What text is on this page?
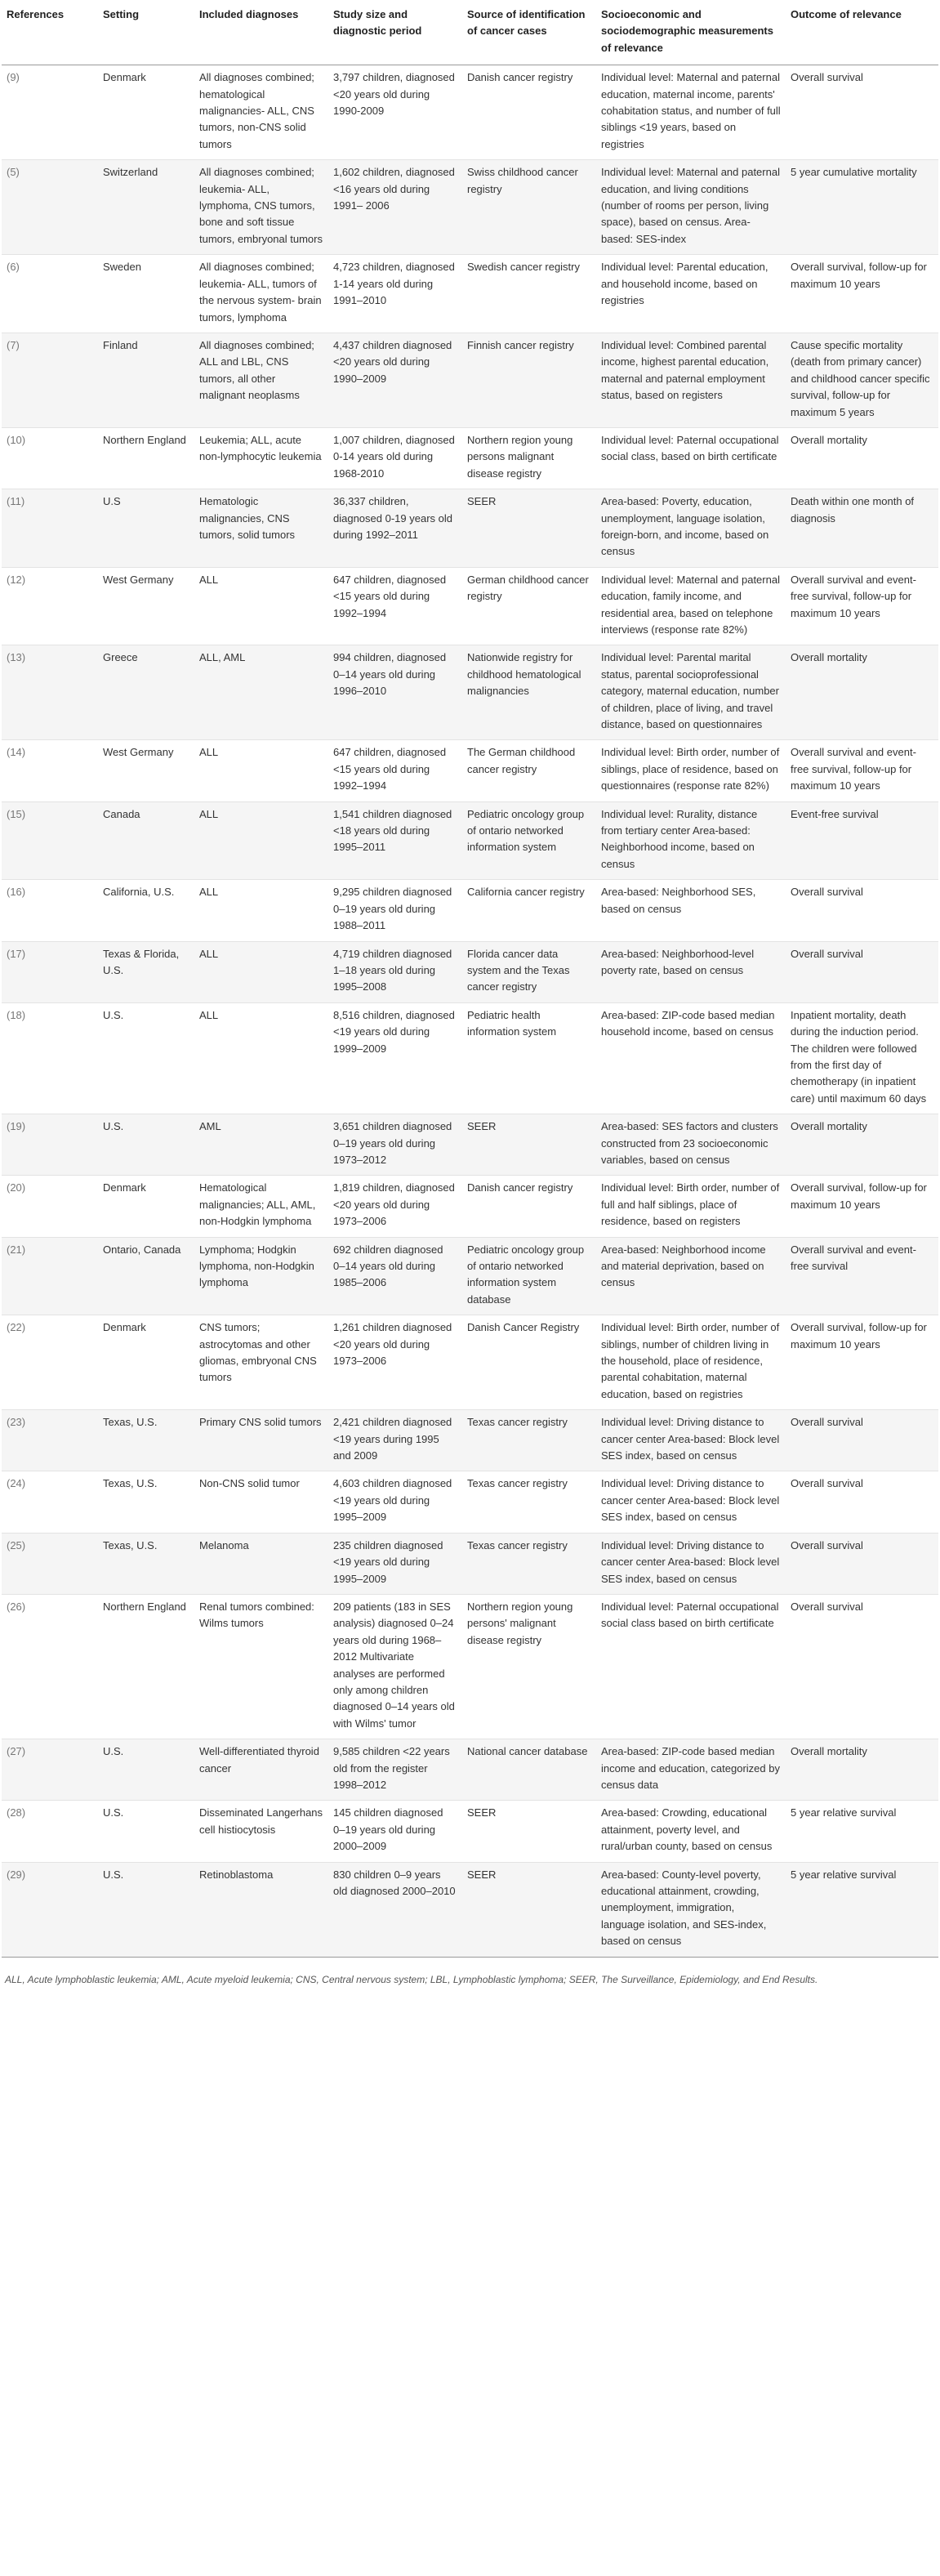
References	Setting	Included diagnoses	Study size and diagnostic period	Source of identification of cancer cases	Socioeconomic and sociodemographic measurements of relevance	Outcome of relevance
(9)	Denmark	All diagnoses combined; hematological malignancies- ALL, CNS tumors, non-CNS solid tumors	3,797 children, diagnosed <20 years old during 1990-2009	Danish cancer registry	Individual level: Maternal and paternal education, maternal income, parents' cohabitation status, and number of full siblings <19 years, based on registries	Overall survival
(5)	Switzerland	All diagnoses combined; leukemia- ALL, lymphoma, CNS tumors, bone and soft tissue tumors, embryonal tumors	1,602 children, diagnosed <16 years old during 1991– 2006	Swiss childhood cancer registry	Individual level: Maternal and paternal education, and living conditions (number of rooms per person, living space), based on census. Area-based: SES-index	5 year cumulative mortality
(6)	Sweden	All diagnoses combined; leukemia- ALL, tumors of the nervous system- brain tumors, lymphoma	4,723 children, diagnosed 1-14 years old during 1991–2010	Swedish cancer registry	Individual level: Parental education, and household income, based on registries	Overall survival, follow-up for maximum 10 years
(7)	Finland	All diagnoses combined; ALL and LBL, CNS tumors, all other malignant neoplasms	4,437 children diagnosed <20 years old during 1990–2009	Finnish cancer registry	Individual level: Combined parental income, highest parental education, maternal and paternal employment status, based on registers	Cause specific mortality (death from primary cancer) and childhood cancer specific survival, follow-up for maximum 5 years
(10)	Northern England	Leukemia; ALL, acute non-lymphocytic leukemia	1,007 children, diagnosed 0-14 years old during 1968-2010	Northern region young persons malignant disease registry	Individual level: Paternal occupational social class, based on birth certificate	Overall mortality
(11)	U.S	Hematologic malignancies, CNS tumors, solid tumors	36,337 children, diagnosed 0-19 years old during 1992–2011	SEER	Area-based: Poverty, education, unemployment, language isolation, foreign-born, and income, based on census	Death within one month of diagnosis
(12)	West Germany	ALL	647 children, diagnosed <15 years old during 1992–1994	German childhood cancer registry	Individual level: Maternal and paternal education, family income, and residential area, based on telephone interviews (response rate 82%)	Overall survival and event-free survival, follow-up for maximum 10 years
(13)	Greece	ALL, AML	994 children, diagnosed 0–14 years old during 1996–2010	Nationwide registry for childhood hematological malignancies	Individual level: Parental marital status, parental socioprofessional category, maternal education, number of children, place of living, and travel distance, based on questionnaires	Overall mortality
(14)	West Germany	ALL	647 children, diagnosed <15 years old during 1992–1994	The German childhood cancer registry	Individual level: Birth order, number of siblings, place of residence, based on questionnaires (response rate 82%)	Overall survival and event-free survival, follow-up for maximum 10 years
(15)	Canada	ALL	1,541 children diagnosed <18 years old during 1995–2011	Pediatric oncology group of ontario networked information system	Individual level: Rurality, distance from tertiary center Area-based: Neighborhood income, based on census	Event-free survival
(16)	California, U.S.	ALL	9,295 children diagnosed 0–19 years old during 1988–2011	California cancer registry	Area-based: Neighborhood SES, based on census	Overall survival
(17)	Texas & Florida, U.S.	ALL	4,719 children diagnosed 1–18 years old during 1995–2008	Florida cancer data system and the Texas cancer registry	Area-based: Neighborhood-level poverty rate, based on census	Overall survival
(18)	U.S.	ALL	8,516 children, diagnosed <19 years old during 1999–2009	Pediatric health information system	Area-based: ZIP-code based median household income, based on census	Inpatient mortality, death during the induction period. The children were followed from the first day of chemotherapy (in inpatient care) until maximum 60 days
(19)	U.S.	AML	3,651 children diagnosed 0–19 years old during 1973–2012	SEER	Area-based: SES factors and clusters constructed from 23 socioeconomic variables, based on census	Overall mortality
(20)	Denmark	Hematological malignancies; ALL, AML, non-Hodgkin lymphoma	1,819 children, diagnosed <20 years old during 1973–2006	Danish cancer registry	Individual level: Birth order, number of full and half siblings, place of residence, based on registers	Overall survival, follow-up for maximum 10 years
(21)	Ontario, Canada	Lymphoma; Hodgkin lymphoma, non-Hodgkin lymphoma	692 children diagnosed 0–14 years old during 1985–2006	Pediatric oncology group of ontario networked information system database	Area-based: Neighborhood income and material deprivation, based on census	Overall survival and event-free survival
(22)	Denmark	CNS tumors; astrocytomas and other gliomas, embryonal CNS tumors	1,261 children diagnosed <20 years old during 1973–2006	Danish Cancer Registry	Individual level: Birth order, number of siblings, number of children living in the household, place of residence, parental cohabitation, maternal education, based on registries	Overall survival, follow-up for maximum 10 years
(23)	Texas, U.S.	Primary CNS solid tumors	2,421 children diagnosed <19 years during 1995 and 2009	Texas cancer registry	Individual level: Driving distance to cancer center Area-based: Block level SES index, based on census	Overall survival
(24)	Texas, U.S.	Non-CNS solid tumor	4,603 children diagnosed <19 years old during 1995–2009	Texas cancer registry	Individual level: Driving distance to cancer center Area-based: Block level SES index, based on census	Overall survival
(25)	Texas, U.S.	Melanoma	235 children diagnosed <19 years old during 1995–2009	Texas cancer registry	Individual level: Driving distance to cancer center Area-based: Block level SES index, based on census	Overall survival
(26)	Northern England	Renal tumors combined: Wilms tumors	209 patients (183 in SES analysis) diagnosed 0–24 years old during 1968–2012 Multivariate analyses are performed only among children diagnosed 0–14 years old with Wilms' tumor	Northern region young persons' malignant disease registry	Individual level: Paternal occupational social class based on birth certificate	Overall survival
(27)	U.S.	Well-differentiated thyroid cancer	9,585 children <22 years old from the register 1998–2012	National cancer database	Area-based: ZIP-code based median income and education, categorized by census data	Overall mortality
(28)	U.S.	Disseminated Langerhans cell histiocytosis	145 children diagnosed 0–19 years old during 2000–2009	SEER	Area-based: Crowding, educational attainment, poverty level, and rural/urban county, based on census	5 year relative survival
(29)	U.S.	Retinoblastoma	830 children 0–9 years old diagnosed 2000–2010	SEER	Area-based: County-level poverty, educational attainment, crowding, unemployment, immigration, language isolation, and SES-index, based on census	5 year relative survival
ALL, Acute lymphoblastic leukemia; AML, Acute myeloid leukemia; CNS, Central nervous system; LBL, Lymphoblastic lymphoma; SEER, The Surveillance, Epidemiology, and End Results.
